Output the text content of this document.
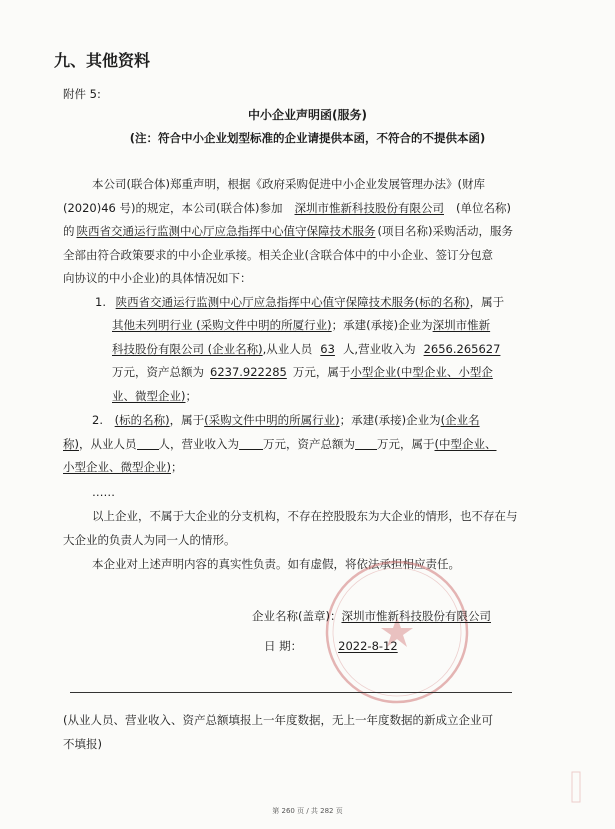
九、其他资料
附件 5:
中小企业声明函(服务)
(注：符合中小企业划型标准的企业请提供本函，不符合的不提供本函)
本公司(联合体)郑重声明，根据《政府采购促进中小企业发展管理办法》(财库
(2020)46 号)的规定，本公司(联合体)参加 深圳市惟新科技股份有限公司 (单位名称)
的 陕西省交通运行监测中心厅应急指挥中心值守保障技术服务 (项目名称)采购活动，服务
全部由符合政策要求的中小企业承接。相关企业(含联合体中的中小企业、签订分包意
向协议的中小企业)的具体情况如下：
1. 陕西省交通运行监测中心厅应急指挥中心值守保障技术服务(标的名称)，属于
其他未列明行业 (采购文件中明的所厦行业)；承建(承接)企业为深圳市惟新
科技股份有限公司 (企业名称),从业人员 63 人,营业收入为 2656.265627
万元，资产总额为 6237.922285 万元，属于小型企业(中型企业、小型企
业、微型企业)；
2. (标的名称)，属于(采购文件中明的所属行业)；承建(承接)企业为(企业名
称)，从业人员 人，营业收入为 万元，资产总额为 万元，属于(中型企业、
小型企业、微型企业)；
……
以上企业，不属于大企业的分支机构，不存在控股股东为大企业的情形，也不存在与
大企业的负责人为同一人的情形。
本企业对上述声明内容的真实性负责。如有虚假，将依法承担相应责任。
企业名称(盖章)：深圳市惟新科技股份有限公司
日 期：	2022-8-12
(从业人员、营业收入、资产总额填报上一年度数据，无上一年度数据的新成立企业可
不填报)
第 260 页 / 共 282 页
